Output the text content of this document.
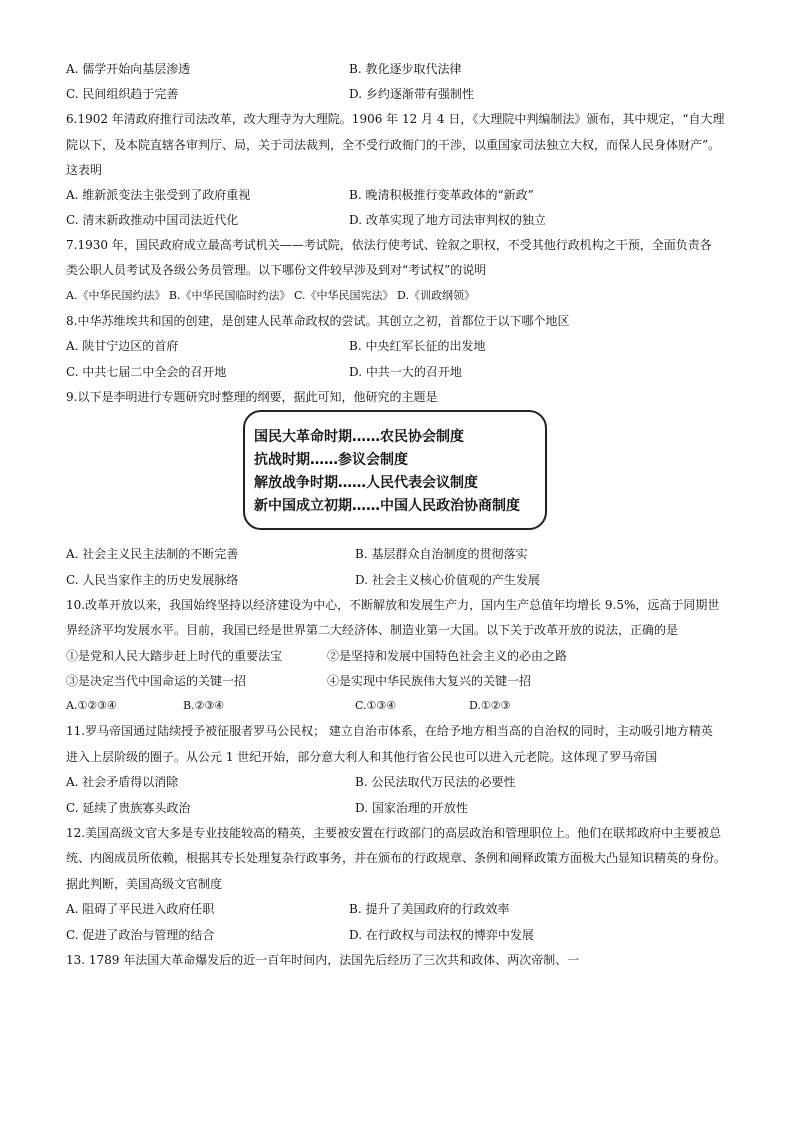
A. 儒学开始向基层渗透	B. 教化逐步取代法律
C. 民间组织趋于完善	D. 乡约逐渐带有强制性
6.1902 年清政府推行司法改革，改大理寺为大理院。1906 年 12 月 4 日，《大理院中判编制法》颁布，其中规定，“自大理
院以下，及本院直辖各审判厅、局，关于司法裁判，全不受行政衙门的干涉，以重国家司法独立大权，而保人民身体财产”。
这表明
A. 维新派变法主张受到了政府重视	B. 晚清积极推行变革政体的“新政”
C. 清末新政推动中国司法近代化	D. 改革实现了地方司法审判权的独立
7.1930 年，国民政府成立最高考试机关——考试院，依法行使考试、铨叙之职权，不受其他行政机构之干预，全面负责各
类公职人员考试及各级公务员管理。以下哪份文件较早涉及到对“考试权”的说明
A.《中华民国约法》 B.《中华民国临时约法》 C.《中华民国宪法》 D.《训政纲领》
8.中华苏维埃共和国的创建，是创建人民革命政权的尝试。其创立之初，首都位于以下哪个地区
A. 陕甘宁边区的首府	B. 中央红军长征的出发地
C. 中共七届二中全会的召开地	D. 中共一大的召开地
9.以下是李明进行专题研究时整理的纲要，据此可知，他研究的主题是
国民大革命时期……农民协会制度
抗战时期……参议会制度
解放战争时期……人民代表会议制度
新中国成立初期……中国人民政治协商制度
A. 社会主义民主法制的不断完善	B. 基层群众自治制度的贯彻落实
C. 人民当家作主的历史发展脉络	D. 社会主义核心价值观的产生发展
10.改革开放以来，我国始终坚持以经济建设为中心，不断解放和发展生产力，国内生产总值年均增长 9.5%，远高于同期世
界经济平均发展水平。目前，我国已经是世界第二大经济体、制造业第一大国。以下关于改革开放的说法，正确的是
①是党和人民大踏步赶上时代的重要法宝	②是坚持和发展中国特色社会主义的必由之路
③是决定当代中国命运的关键一招	④是实现中华民族伟大复兴的关键一招
A.①②③④	B.②③④	C.①③④	D.①②③
11.罗马帝国通过陆续授予被征服者罗马公民权； 建立自治市体系，在给予地方相当高的自治权的同时，主动吸引地方精英
进入上层阶级的圈子。从公元 1 世纪开始，部分意大利人和其他行省公民也可以进入元老院。这体现了罗马帝国
A. 社会矛盾得以消除	B. 公民法取代万民法的必要性
C. 延续了贵族寡头政治	D. 国家治理的开放性
12.美国高级文官大多是专业技能较高的精英，主要被安置在行政部门的高层政治和管理职位上。他们在联邦政府中主要被总
统、内阁成员所依赖，根据其专长处理复杂行政事务，并在颁布的行政规章、条例和阐释政策方面极大凸显知识精英的身份。
据此判断，美国高级文官制度
A. 阻碍了平民进入政府任职	B. 提升了美国政府的行政效率
C. 促进了政治与管理的结合	D. 在行政权与司法权的博弈中发展
13. 1789 年法国大革命爆发后的近一百年时间内，法国先后经历了三次共和政体、两次帝制、一
